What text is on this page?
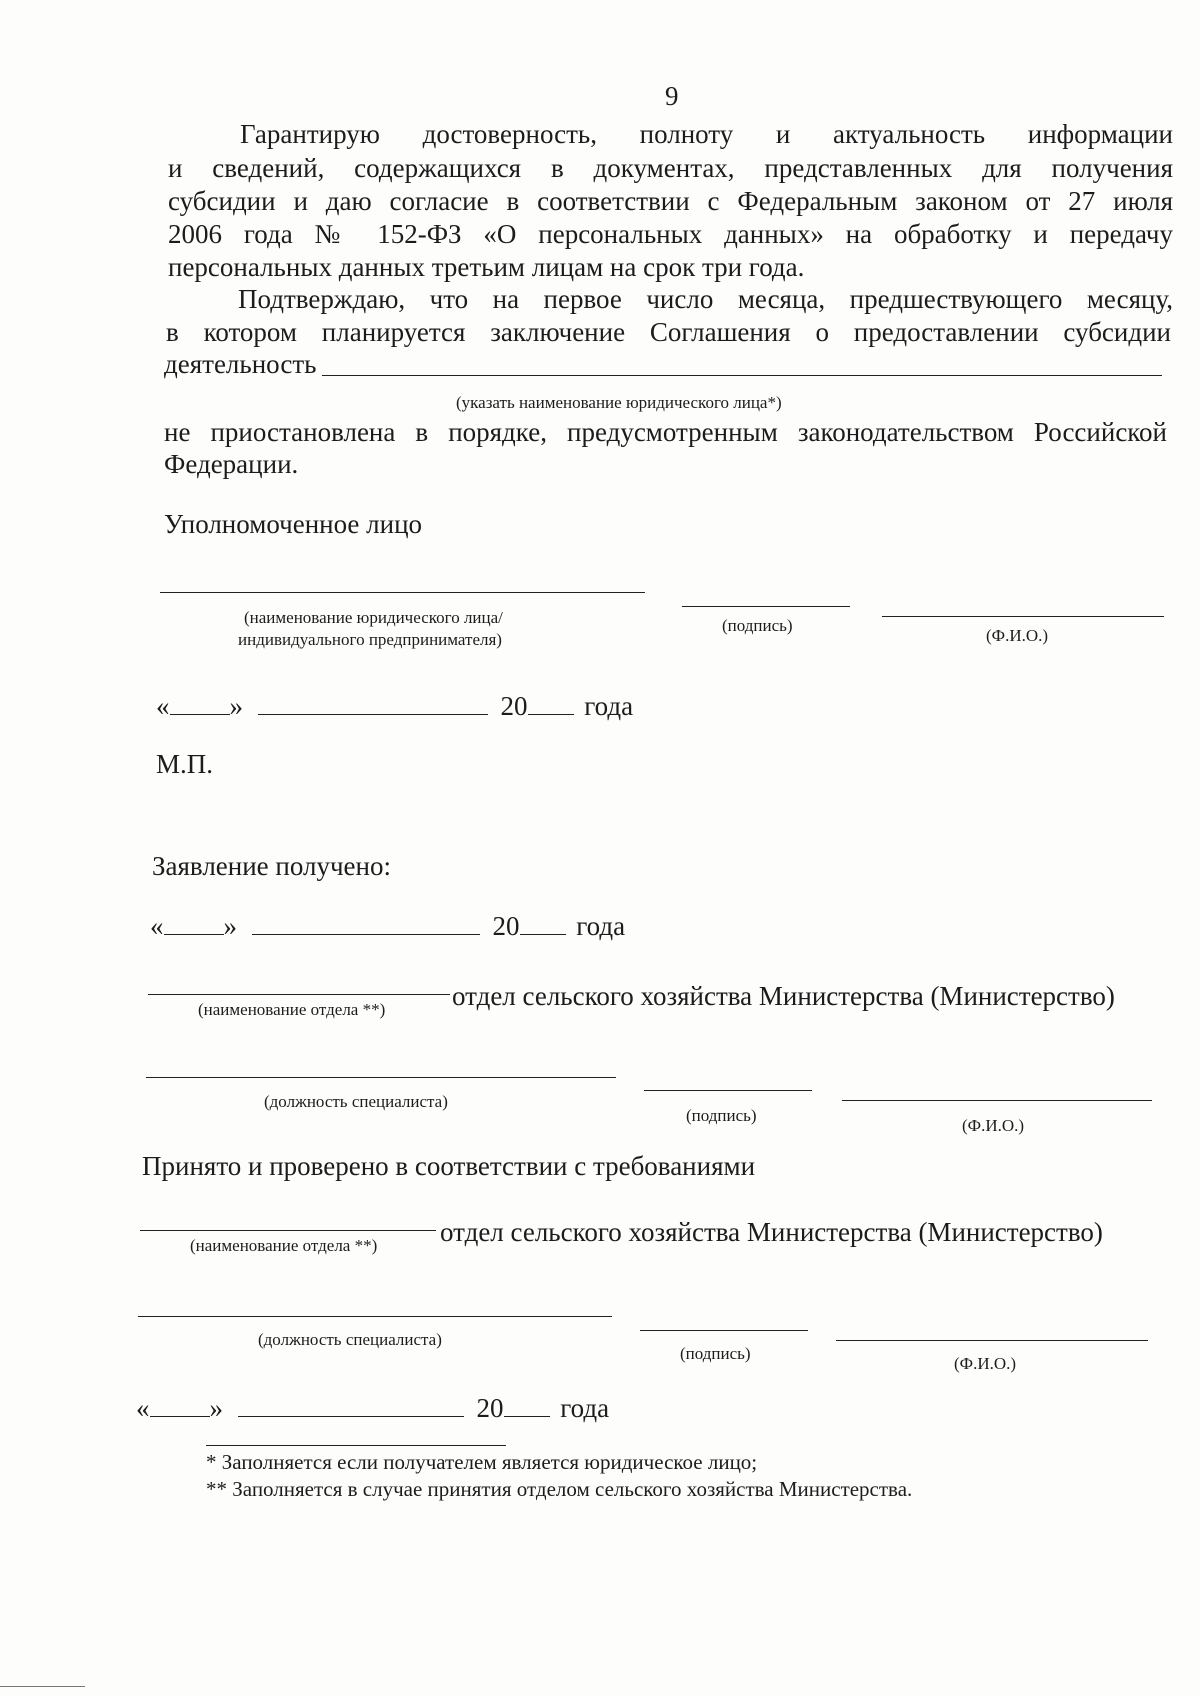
9
Гарантирую достоверность, полноту и актуальность информации
и сведений, содержащихся в документах, представленных для получения
субсидии и даю согласие в соответствии с Федеральным законом от 27 июля
2006 года № 152-ФЗ «О персональных данных» на обработку и передачу
персональных данных третьим лицам на срок три года.
Подтверждаю, что на первое число месяца, предшествующего месяцу,
в котором планируется заключение Соглашения о предоставлении субсидии
деятельность
(указать наименование юридического лица*)
не приостановлена в порядке, предусмотренным законодательством Российской
Федерации.
Уполномоченное лицо
(наименование юридического лица/
индивидуального предпринимателя)
(подпись)
(Ф.И.О.)
« »	20 года
М.П.
Заявление получено:
« »	20 года
отдел сельского хозяйства Министерства (Министерство)
(наименование отдела **)
(должность специалиста)
(подпись)
(Ф.И.О.)
Принято и проверено в соответствии с требованиями
отдел сельского хозяйства Министерства (Министерство)
(наименование отдела **)
(должность специалиста)
(подпись)
(Ф.И.О.)
« »	20 года
* Заполняется если получателем является юридическое лицо;
** Заполняется в случае принятия отделом сельского хозяйства Министерства.
